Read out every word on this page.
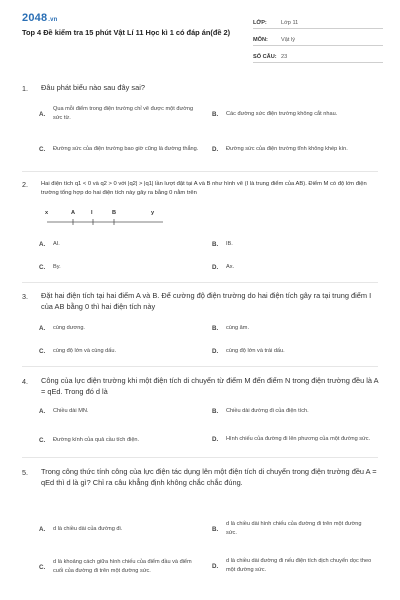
2048.vn
Top 4 Đề kiểm tra 15 phút Vật Lí 11 Học kì 1 có đáp án(đề 2)
LỚP:	Lớp 11
MÔN:	Vật lý
SỐ CÂU: 23
1. Đâu phát biểu nào sau đây sai?
A.
Qua mỗi điểm trong điện trường chỉ vẽ được một đường sức từ.
B.	Các đường sức điện trường không cắt nhau.
C.	Đường sức của điện trường bao giờ cũng là đường thẳng. D.	Đường sức của điện trường tĩnh không khép kín.
2. Hai điện tích q1 < 0 và q2 > 0 với |q2| > |q1| lần lượt đặt tại A và B như hình vẽ (I là trung điểm của AB). Điểm M có độ lớn điện trường tổng hợp do hai điện tích này gây ra bằng 0 nằm trên
x	A	I	B	y
A.	AI.	B.	IB.
C.	By.	D.	Ax.
3. Đặt hai điện tích tại hai điểm A và B. Để cường độ điện trường do hai điện tích gây ra tại trung điểm I của AB bằng 0 thì hai điện tích này
A.	cùng dương.	B.	cùng âm.
C.	cùng độ lớn và cùng dấu.	D.	cùng độ lớn và trái dấu.
4. Công của lực điện trường khi một điện tích di chuyển từ điểm M đến điểm N trong điện trường đều là A = qEd. Trong đó d là
A.	Chiều dài MN.	B.	Chiều dài đường đi của điện tích.
C.	Đường kính của quả cầu tích điện.	D.	Hình chiếu của đường đi lên phương của một đường sức.
5. Trong công thức tính công của lực điện tác dụng lên một điện tích di chuyển trong điện trường đều A = qEd thì d là gì? Chỉ ra câu khẳng định không chắc chắc đúng.
A.	d là chiều dài của đường đi.	B.
d là chiều dài hình chiếu của đường đi trên một đường sức.
C.
d là khoảng cách giữa hình chiếu của điểm đầu và điểm cuối của đường đi trên một đường sức.
D.
d là chiều dài đường đi nếu điện tích dịch chuyển dọc theo một đường sức.
